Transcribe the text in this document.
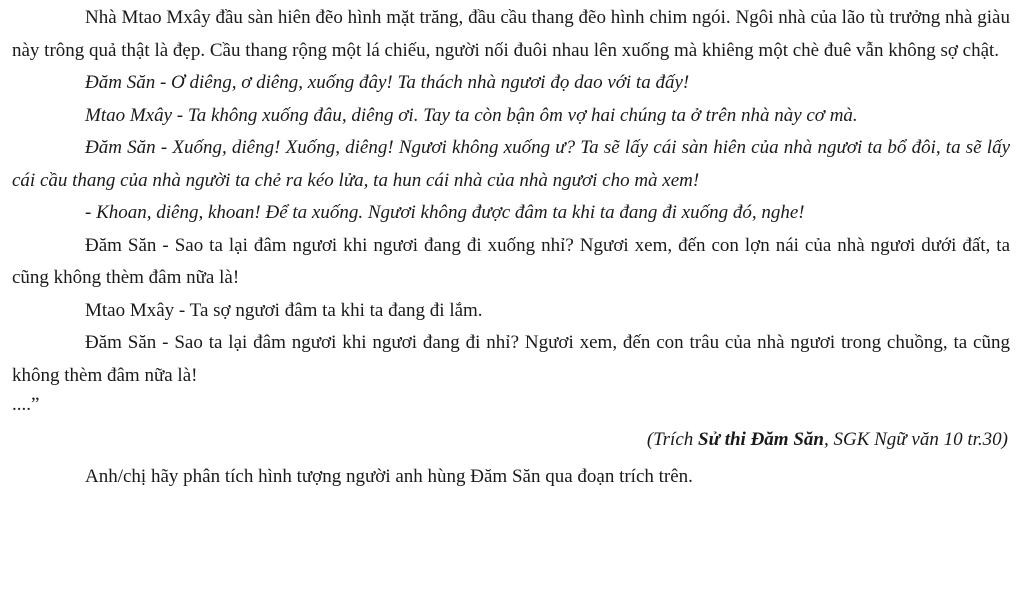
Nhà Mtao Mxây đầu sàn hiên đẽo hình mặt trăng, đầu cầu thang đẽo hình chim ngói. Ngôi nhà của lão tù trưởng nhà giàu này trông quả thật là đẹp. Cầu thang rộng một lá chiếu, người nối đuôi nhau lên xuống mà khiêng một chè đuê vẫn không sợ chật.

Đăm Săn - Ơ diêng, ơ diêng, xuống đây! Ta thách nhà ngươi đọ dao với ta đấy!

Mtao Mxây - Ta không xuống đâu, diêng ơi. Tay ta còn bận ôm vợ hai chúng ta ở trên nhà này cơ mà.

Đăm Săn - Xuống, diêng! Xuống, diêng! Ngươi không xuống ư? Ta sẽ lấy cái sàn hiên của nhà ngươi ta bổ đôi, ta sẽ lấy cái cầu thang của nhà người ta chẻ ra kéo lửa, ta hun cái nhà của nhà ngươi cho mà xem!

- Khoan, diêng, khoan! Để ta xuống. Ngươi không được đâm ta khi ta đang đi xuống đó, nghe!

Đăm Săn - Sao ta lại đâm ngươi khi ngươi đang đi xuống nhỉ? Ngươi xem, đến con lợn nái của nhà ngươi dưới đất, ta cũng không thèm đâm nữa là!

Mtao Mxây - Ta sợ ngươi đâm ta khi ta đang đi lắm.

Đăm Săn - Sao ta lại đâm ngươi khi ngươi đang đi nhỉ? Ngươi xem, đến con trâu của nhà ngươi trong chuồng, ta cũng không thèm đâm nữa là!

....”

(Trích Sử thi Đăm Săn, SGK Ngữ văn 10 tr.30)

Anh/chị hãy phân tích hình tượng người anh hùng Đăm Săn qua đoạn trích trên.
